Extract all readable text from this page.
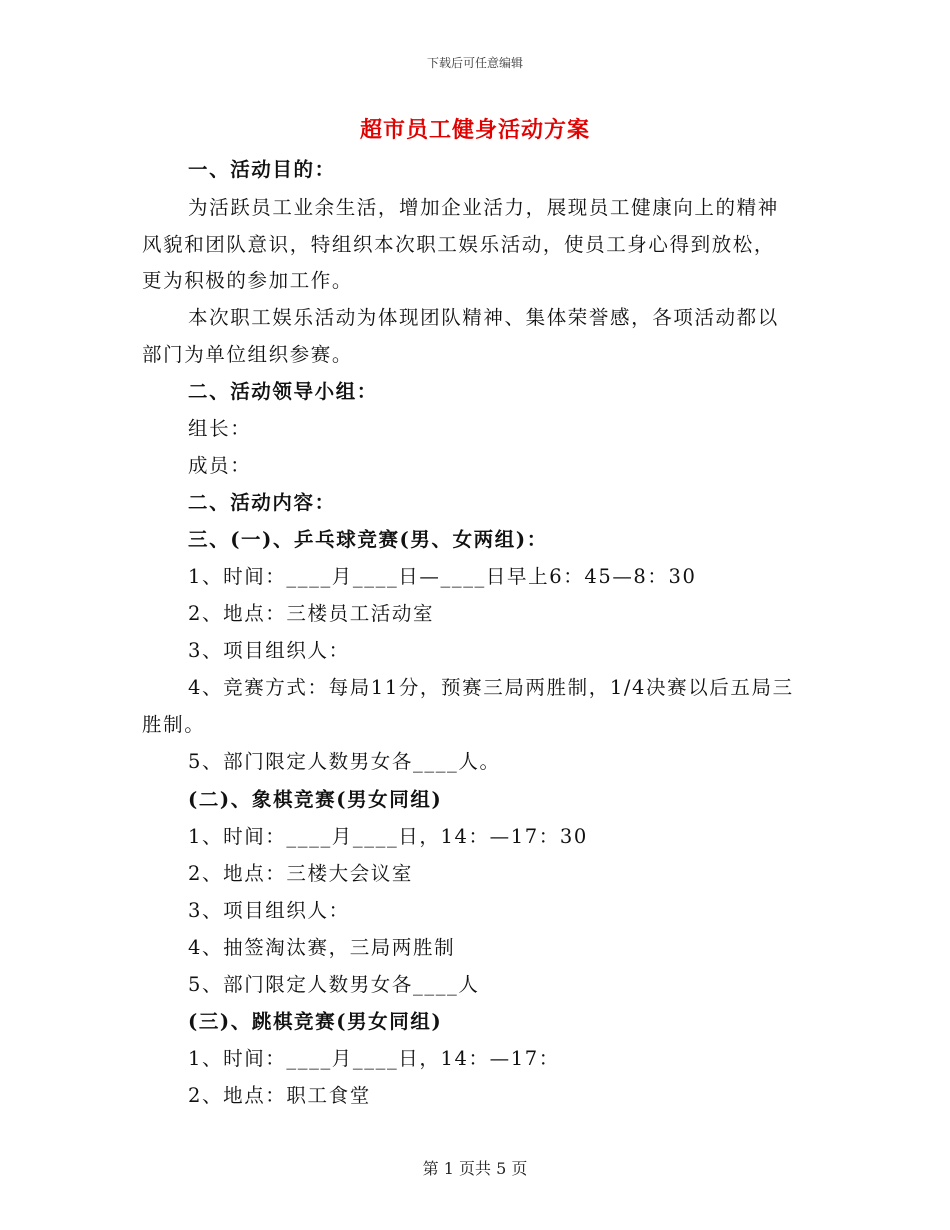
下载后可任意编辑
超市员工健身活动方案
一、活动目的：
为活跃员工业余生活，增加企业活力，展现员工健康向上的精神
风貌和团队意识，特组织本次职工娱乐活动，使员工身心得到放松，
更为积极的参加工作。
本次职工娱乐活动为体现团队精神、集体荣誉感，各项活动都以
部门为单位组织参赛。
二、活动领导小组：
组长：
成员：
二、活动内容：
三、(一)、乒乓球竞赛(男、女两组)：
1、时间：____月____日—____日早上6：45—8：30
2、地点：三楼员工活动室
3、项目组织人：
4、竞赛方式：每局11分，预赛三局两胜制，1/4决赛以后五局三
胜制。
5、部门限定人数男女各____人。
(二)、象棋竞赛(男女同组)
1、时间：____月____日，14：—17：30
2、地点：三楼大会议室
3、项目组织人：
4、抽签淘汰赛，三局两胜制
5、部门限定人数男女各____人
(三)、跳棋竞赛(男女同组)
1、时间：____月____日，14：—17：
2、地点：职工食堂
第 1 页共 5 页
